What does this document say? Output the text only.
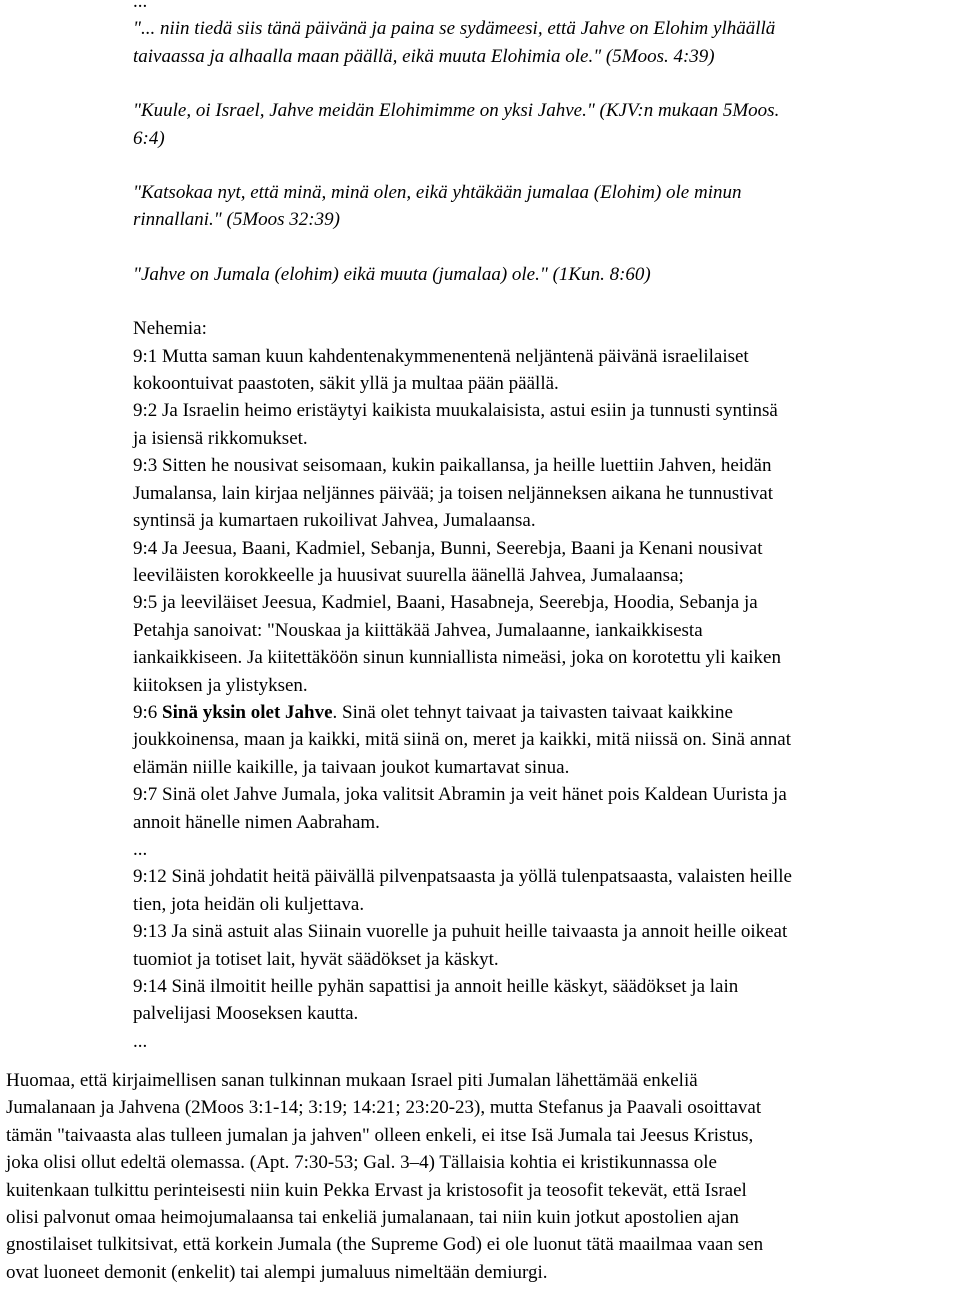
...
"... niin tiedä siis tänä päivänä ja paina se sydämeesi, että Jahve on Elohim ylhäällä
taivaassa ja alhaalla maan päällä, eikä muuta Elohimia ole." (5Moos. 4:39)
"Kuule, oi Israel, Jahve meidän Elohimimme on yksi Jahve." (KJV:n mukaan 5Moos.
6:4)
"Katsokaa nyt, että minä, minä olen, eikä yhtäkään jumalaa (Elohim) ole minun
rinnallani." (5Moos 32:39)
"Jahve on Jumala (elohim) eikä muuta (jumalaa) ole." (1Kun. 8:60)
Nehemia:
9:1 Mutta saman kuun kahdentenakymmenentenä neljäntenä päivänä israelilaiset
kokoontuivat paastoten, säkit yllä ja multaa pään päällä.
9:2 Ja Israelin heimo eristäytyi kaikista muukalaisista, astui esiin ja tunnusti syntinsä
ja isiensä rikkomukset.
9:3 Sitten he nousivat seisomaan, kukin paikallansa, ja heille luettiin Jahven, heidän
Jumalansa, lain kirjaa neljännes päivää; ja toisen neljänneksen aikana he tunnustivat
syntinsä ja kumartaen rukoilivat Jahvea, Jumalaansa.
9:4 Ja Jeesua, Baani, Kadmiel, Sebanja, Bunni, Seerebja, Baani ja Kenani nousivat
leeviläisten korokkeelle ja huusivat suurella äänellä Jahvea, Jumalaansa;
9:5 ja leeviläiset Jeesua, Kadmiel, Baani, Hasabneja, Seerebja, Hoodia, Sebanja ja
Petahja sanoivat: "Nouskaa ja kiittäkää Jahvea, Jumalaanne, iankaikkisesta
iankaikkiseen. Ja kiitettäköön sinun kunniallista nimeäsi, joka on korotettu yli kaiken
kiitoksen ja ylistyksen.
9:6 Sinä yksin olet Jahve. Sinä olet tehnyt taivaat ja taivasten taivaat kaikkine
joukkoinensa, maan ja kaikki, mitä siinä on, meret ja kaikki, mitä niissä on. Sinä annat
elämän niille kaikille, ja taivaan joukot kumartavat sinua.
9:7 Sinä olet Jahve Jumala, joka valitsit Abramin ja veit hänet pois Kaldean Uurista ja
annoit hänelle nimen Aabraham.
...
9:12 Sinä johdatit heitä päivällä pilvenpatsaasta ja yöllä tulenpatsaasta, valaisten heille
tien, jota heidän oli kuljettava.
9:13 Ja sinä astuit alas Siinain vuorelle ja puhuit heille taivaasta ja annoit heille oikeat
tuomiot ja totiset lait, hyvät säädökset ja käskyt.
9:14 Sinä ilmoitit heille pyhän sapattisi ja annoit heille käskyt, säädökset ja lain
palvelijasi Mooseksen kautta.
...
Huomaa, että kirjaimellisen sanan tulkinnan mukaan Israel piti Jumalan lähettämää enkeliä
Jumalanaan ja Jahvena (2Moos 3:1-14; 3:19; 14:21; 23:20-23), mutta Stefanus ja Paavali osoittavat
tämän "taivaasta alas tulleen jumalan ja jahven" olleen enkeli, ei itse Isä Jumala tai Jeesus Kristus,
joka olisi ollut edeltä olemassa. (Apt. 7:30-53; Gal. 3–4) Tällaisia kohtia ei kristikunnassa ole
kuitenkaan tulkittu perinteisesti niin kuin Pekka Ervast ja kristosofit ja teosofit tekevät, että Israel
olisi palvonut omaa heimojumalaansa tai enkeliä jumalanaan, tai niin kuin jotkut apostolien ajan
gnostilaiset tulkitsivat, että korkein Jumala (the Supreme God) ei ole luonut tätä maailmaa vaan sen
ovat luoneet demonit (enkelit) tai alempi jumaluus nimeltään demiurgi.
